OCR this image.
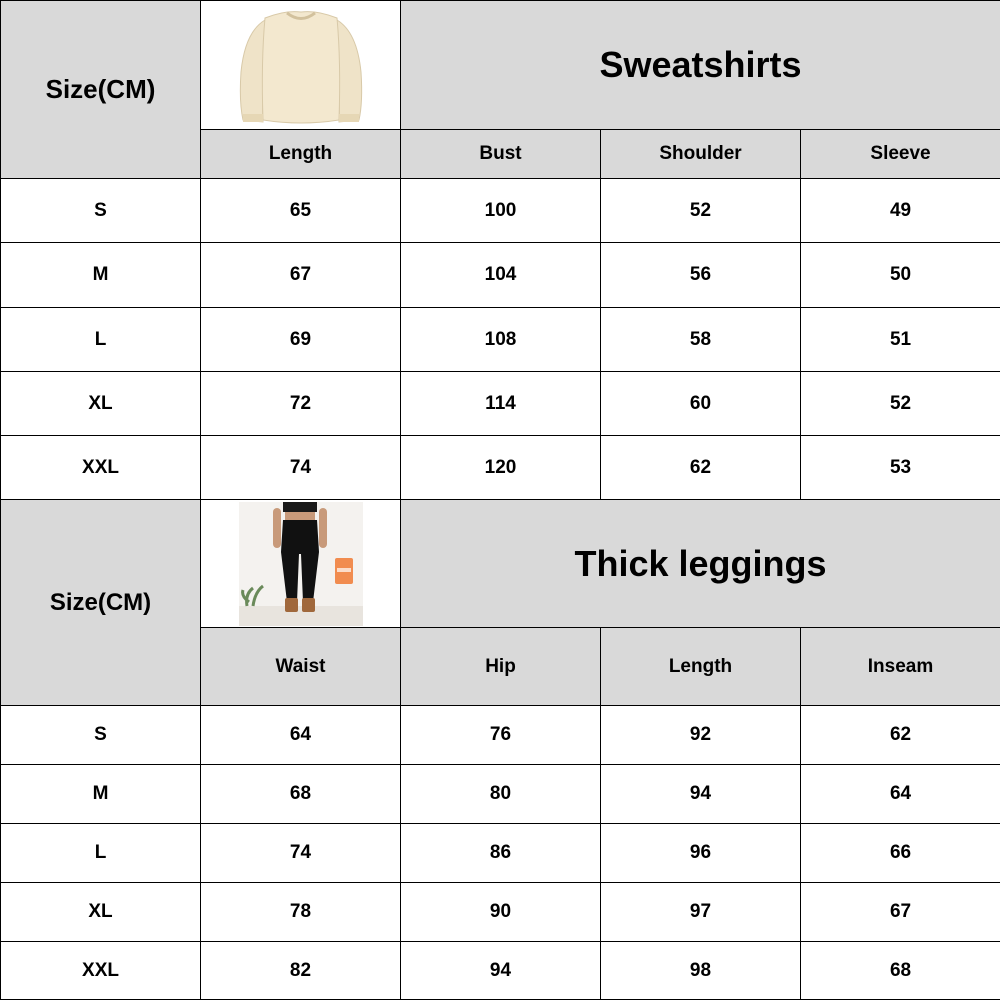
Size(CM)		Sweatshirts		
	Length	Bust	Shoulder	Sleeve
S	65	100	52	49
M	67	104	56	50
L	69	108	58	51
XL	72	114	60	52
XXL	74	120	62	53
Size(CM)		Thick leggings		
	Waist	Hip	Length	Inseam
S	64	76	92	62
M	68	80	94	64
L	74	86	96	66
XL	78	90	97	67
XXL	82	94	98	68
